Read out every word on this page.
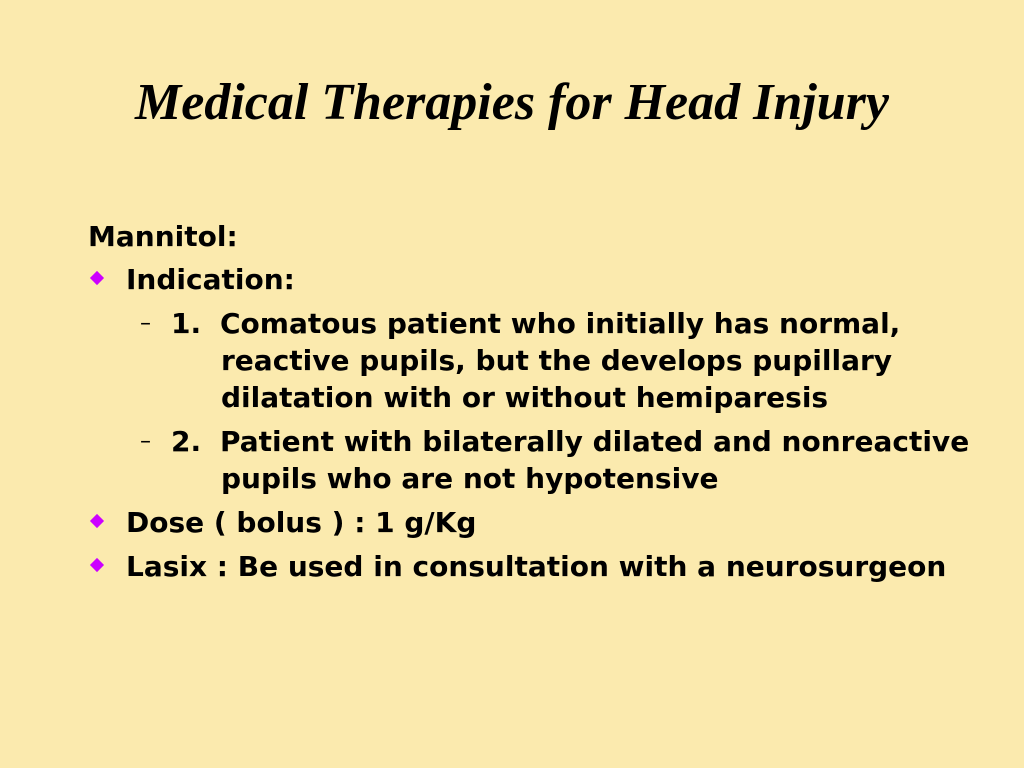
Medical Therapies for Head Injury
Mannitol:
Indication:
– 1. Comatous patient who initially has normal, reactive pupils, but the develops pupillary dilatation with or without hemiparesis
– 2. Patient with bilaterally dilated and nonreactive pupils who are not hypotensive
Dose ( bolus ) : 1 g/Kg
Lasix : Be used in consultation with a neurosurgeon
